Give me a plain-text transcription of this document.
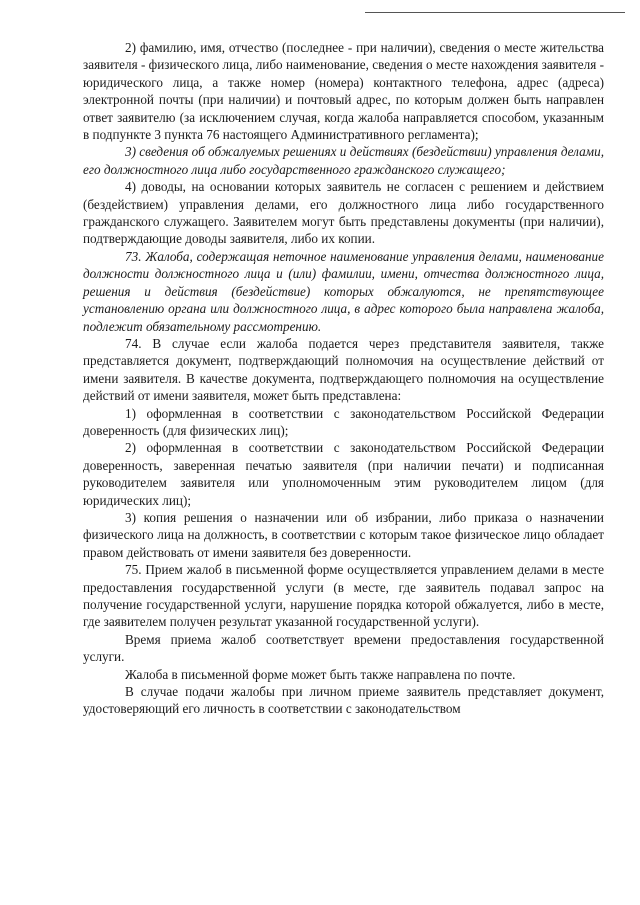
2) фамилию, имя, отчество (последнее - при наличии), сведения о месте жительства заявителя - физического лица, либо наименование, сведения о месте нахождения заявителя - юридического лица, а также номер (номера) контактного телефона, адрес (адреса) электронной почты (при наличии) и почтовый адрес, по которым должен быть направлен ответ заявителю (за исключением случая, когда жалоба направляется способом, указанным в подпункте 3 пункта 76 настоящего Административного регламента);

3) сведения об обжалуемых решениях и действиях (бездействии) управления делами, его должностного лица либо государственного гражданского служащего;

4) доводы, на основании которых заявитель не согласен с решением и действием (бездействием) управления делами, его должностного лица либо государственного гражданского служащего. Заявителем могут быть представлены документы (при наличии), подтверждающие доводы заявителя, либо их копии.

73. Жалоба, содержащая неточное наименование управления делами, наименование должности должностного лица и (или) фамилии, имени, отчества должностного лица, решения и действия (бездействие) которых обжалуются, не препятствующее установлению органа или должностного лица, в адрес которого была направлена жалоба, подлежит обязательному рассмотрению.

74. В случае если жалоба подается через представителя заявителя, также представляется документ, подтверждающий полномочия на осуществление действий от имени заявителя. В качестве документа, подтверждающего полномочия на осуществление действий от имени заявителя, может быть представлена:

1) оформленная в соответствии с законодательством Российской Федерации доверенность (для физических лиц);

2) оформленная в соответствии с законодательством Российской Федерации доверенность, заверенная печатью заявителя (при наличии печати) и подписанная руководителем заявителя или уполномоченным этим руководителем лицом (для юридических лиц);

3) копия решения о назначении или об избрании, либо приказа о назначении физического лица на должность, в соответствии с которым такое физическое лицо обладает правом действовать от имени заявителя без доверенности.

75. Прием жалоб в письменной форме осуществляется управлением делами в месте предоставления государственной услуги (в месте, где заявитель подавал запрос на получение государственной услуги, нарушение порядка которой обжалуется, либо в месте, где заявителем получен результат указанной государственной услуги).

Время приема жалоб соответствует времени предоставления государственной услуги.

Жалоба в письменной форме может быть также направлена по почте.

В случае подачи жалобы при личном приеме заявитель представляет документ, удостоверяющий его личность в соответствии с законодательством
